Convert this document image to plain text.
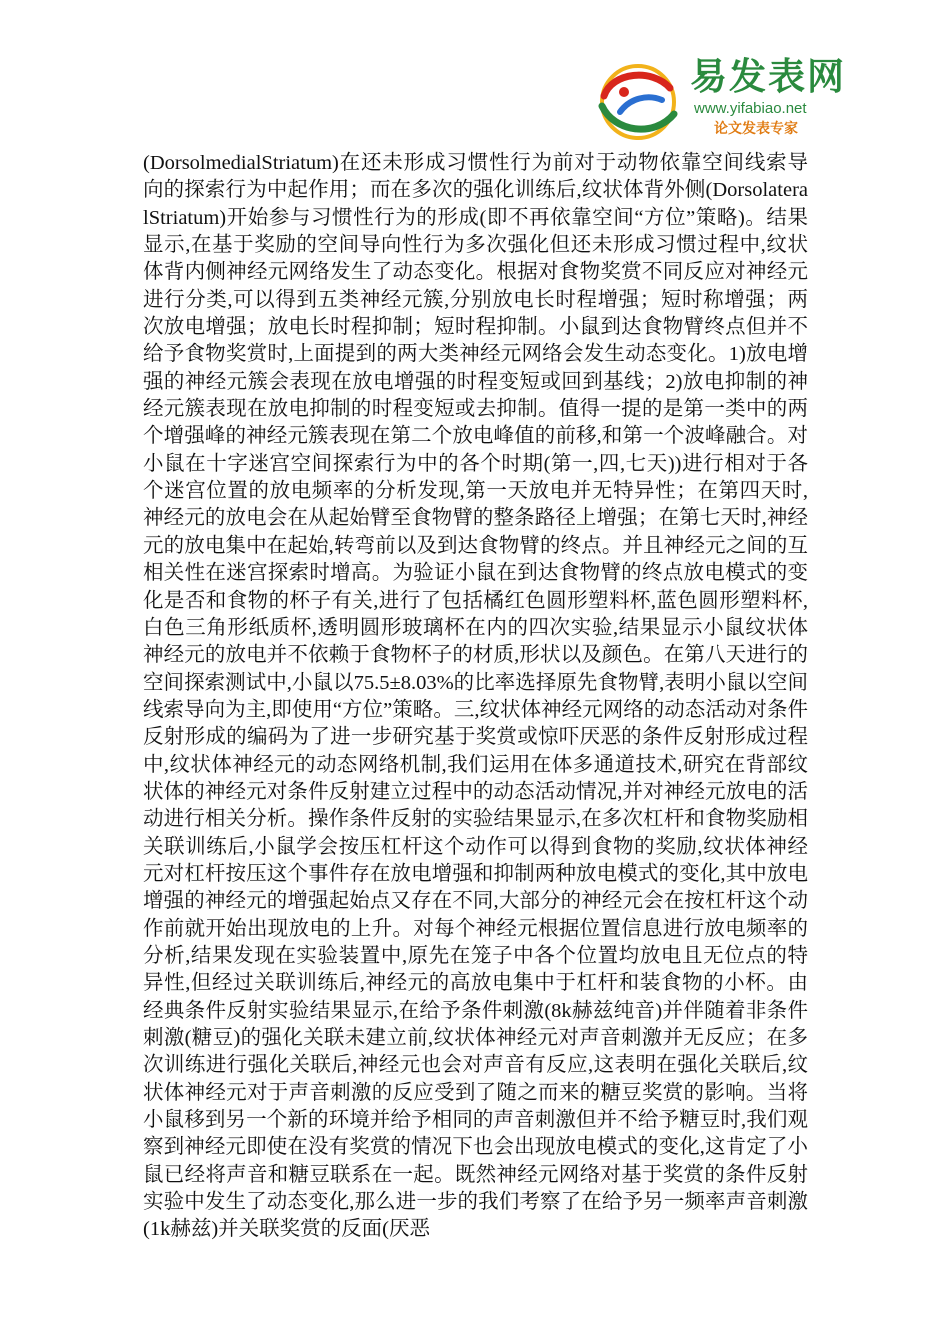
易发表网
www.yifabiao.net
论文发表专家

(DorsolmedialStriatum)在还未形成习惯性行为前对于动物依靠空间线索导向的探索行为中起作用；而在多次的强化训练后,纹状体背外侧(DorsolateralStriatum)开始参与习惯性行为的形成(即不再依靠空间“方位”策略)。结果显示,在基于奖励的空间导向性行为多次强化但还未形成习惯过程中,纹状体背内侧神经元网络发生了动态变化。根据对食物奖赏不同反应对神经元进行分类,可以得到五类神经元簇,分别放电长时程增强；短时称增强；两次放电增强；放电长时程抑制；短时程抑制。小鼠到达食物臂终点但并不给予食物奖赏时,上面提到的两大类神经元网络会发生动态变化。1)放电增强的神经元簇会表现在放电增强的时程变短或回到基线；2)放电抑制的神经元簇表现在放电抑制的时程变短或去抑制。值得一提的是第一类中的两个增强峰的神经元簇表现在第二个放电峰值的前移,和第一个波峰融合。对小鼠在十字迷宫空间探索行为中的各个时期(第一,四,七天))进行相对于各个迷宫位置的放电频率的分析发现,第一天放电并无特异性；在第四天时,神经元的放电会在从起始臂至食物臂的整条路径上增强；在第七天时,神经元的放电集中在起始,转弯前以及到达食物臂的终点。并且神经元之间的互相关性在迷宫探索时增高。为验证小鼠在到达食物臂的终点放电模式的变化是否和食物的杯子有关,进行了包括橘红色圆形塑料杯,蓝色圆形塑料杯,白色三角形纸质杯,透明圆形玻璃杯在内的四次实验,结果显示小鼠纹状体神经元的放电并不依赖于食物杯子的材质,形状以及颜色。在第八天进行的空间探索测试中,小鼠以75.5±8.03%的比率选择原先食物臂,表明小鼠以空间线索导向为主,即使用“方位”策略。三,纹状体神经元网络的动态活动对条件反射形成的编码为了进一步研究基于奖赏或惊吓厌恶的条件反射形成过程中,纹状体神经元的动态网络机制,我们运用在体多通道技术,研究在背部纹状体的神经元对条件反射建立过程中的动态活动情况,并对神经元放电的活动进行相关分析。操作条件反射的实验结果显示,在多次杠杆和食物奖励相关联训练后,小鼠学会按压杠杆这个动作可以得到食物的奖励,纹状体神经元对杠杆按压这个事件存在放电增强和抑制两种放电模式的变化,其中放电增强的神经元的增强起始点又存在不同,大部分的神经元会在按杠杆这个动作前就开始出现放电的上升。对每个神经元根据位置信息进行放电频率的分析,结果发现在实验装置中,原先在笼子中各个位置均放电且无位点的特异性,但经过关联训练后,神经元的高放电集中于杠杆和装食物的小杯。由经典条件反射实验结果显示,在给予条件刺激(8k赫兹纯音)并伴随着非条件刺激(糖豆)的强化关联未建立前,纹状体神经元对声音刺激并无反应；在多次训练进行强化关联后,神经元也会对声音有反应,这表明在强化关联后,纹状体神经元对于声音刺激的反应受到了随之而来的糖豆奖赏的影响。当将小鼠移到另一个新的环境并给予相同的声音刺激但并不给予糖豆时,我们观察到神经元即使在没有奖赏的情况下也会出现放电模式的变化,这肯定了小鼠已经将声音和糖豆联系在一起。既然神经元网络对基于奖赏的条件反射实验中发生了动态变化,那么进一步的我们考察了在给予另一频率声音刺激(1k赫兹)并关联奖赏的反面(厌恶
